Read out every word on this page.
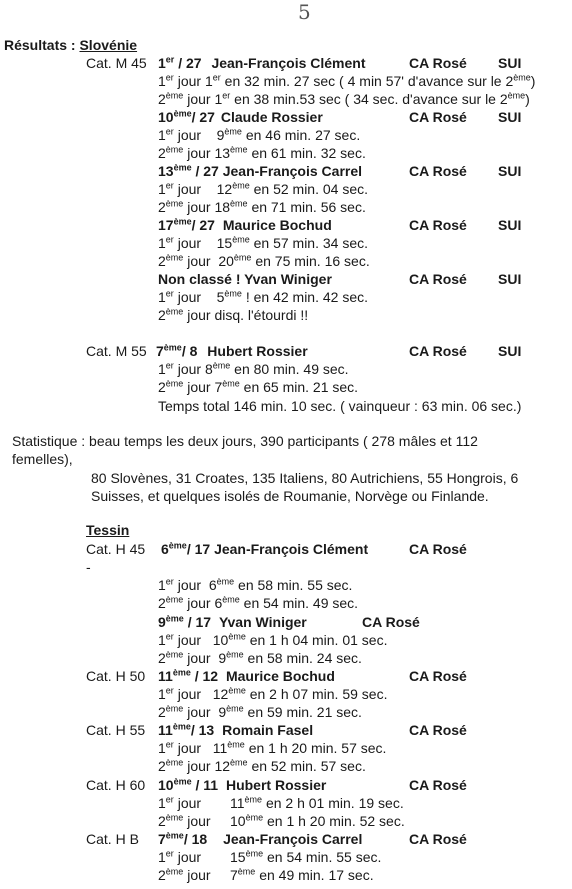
5
Résultats : Slovénie
Cat. M 45 1er / 27 Jean-François Clément	CA Rosé SUI
1er jour 1er en 32 min. 27 sec ( 4 min 57' d'avance sur le 2ème)
2ème jour 1er en 38 min.53 sec ( 34 sec. d'avance sur le 2ème)
10ème/ 27 Claude Rossier	CA Rosé SUI
1er jour 9ème en 46 min. 27 sec.
2ème jour 13ème en 61 min. 32 sec.
13ème / 27 Jean-François Carrel	CA Rosé SUI
1er jour 12ème en 52 min. 04 sec.
2ème jour 18ème en 71 min. 56 sec.
17ème/ 27 Maurice Bochud	CA Rosé SUI
1er jour 15ème en 57 min. 34 sec.
2ème jour 20ème en 75 min. 16 sec.
Non classé ! Yvan Winiger	CA Rosé SUI
1er jour 5ème ! en 42 min. 42 sec.
2ème jour disq. l'étourdi !!
Cat. M 55 7ème/ 8 Hubert Rossier	CA Rosé SUI
1er jour 8ème en 80 min. 49 sec.
2ème jour 7ème en 65 min. 21 sec.
Temps total 146 min. 10 sec. ( vainqueur : 63 min. 06 sec.)
Statistique : beau temps les deux jours, 390 participants ( 278 mâles et 112
femelles),
80 Slovènes, 31 Croates, 135 Italiens, 80 Autrichiens, 55 Hongrois, 6
Suisses, et quelques isolés de Roumanie, Norvège ou Finlande.
Tessin
Cat. H 45 6ème/ 17 Jean-François Clément	CA Rosé
-
1er jour 6ème en 58 min. 55 sec.
2ème jour 6ème en 54 min. 49 sec.
9ème / 17 Yvan Winiger	CA Rosé
1er jour 10ème en 1 h 04 min. 01 sec.
2ème jour 9ème en 58 min. 24 sec.
Cat. H 50 11ème / 12 Maurice Bochud	CA Rosé
1er jour 12ème en 2 h 07 min. 59 sec.
2ème jour 9ème en 59 min. 21 sec.
Cat. H 55 11ème/ 13 Romain Fasel	CA Rosé
1er jour 11ème en 1 h 20 min. 57 sec.
2ème jour 12ème en 52 min. 57 sec.
Cat. H 60 10ème / 11 Hubert Rossier	CA Rosé
1er jour 11ème en 2 h 01 min. 19 sec.
2ème jour 10ème en 1 h 20 min. 52 sec.
Cat. H B 7ème/ 18 Jean-François Carrel	CA Rosé
1er jour 15ème en 54 min. 55 sec.
2ème jour 7ème en 49 min. 17 sec.
